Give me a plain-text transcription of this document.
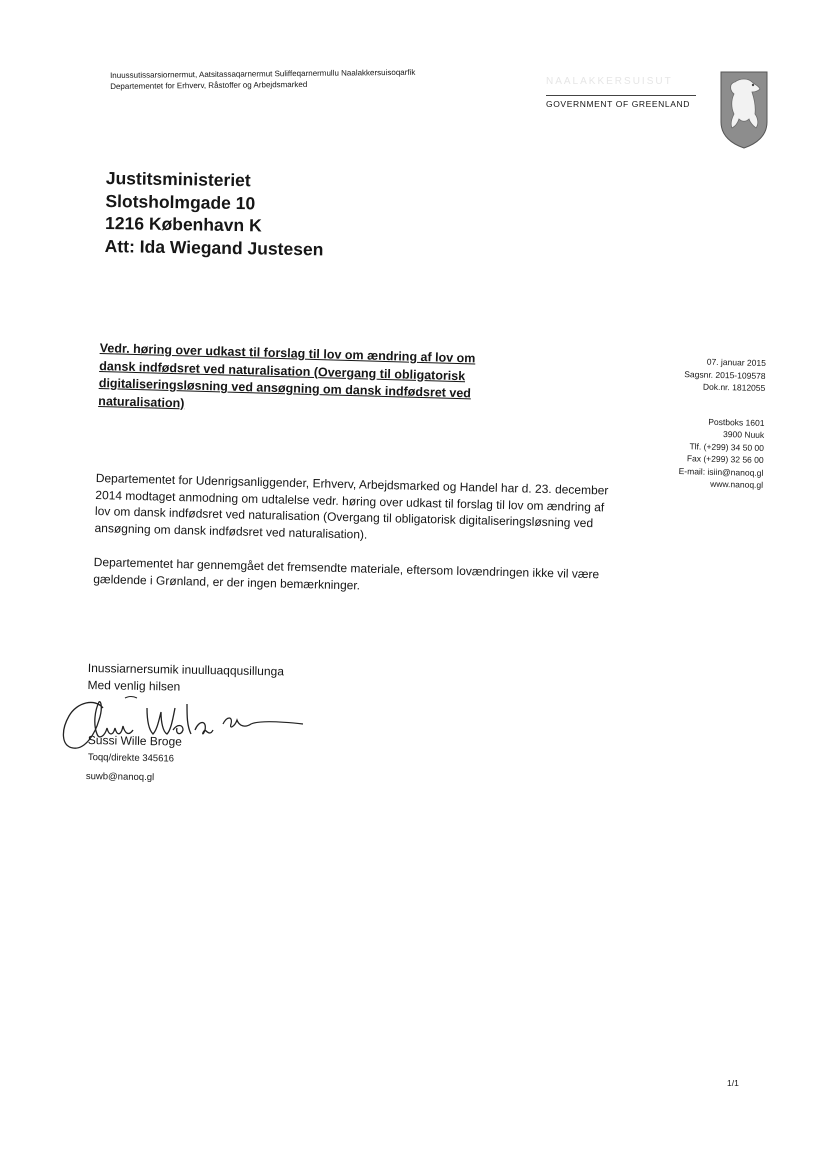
Inuussutissarsiornermut, Aatsitassaqarnermut Suliffeqarnermullu Naalakkersuisoqarfik
Departementet for Erhverv, Råstoffer og Arbejdsmarked	NAALAKKERSUISUT
GOVERNMENT OF GREENLAND
Justitsministeriet
Slotsholmgade 10
1216 København K
Att: Ida Wiegand Justesen
Vedr. høring over udkast til forslag til lov om ændring af lov om dansk indfødsret ved naturalisation (Overgang til obligatorisk digitaliseringsløsning ved ansøgning om dansk indfødsret ved naturalisation)
07. januar 2015
Sagsnr. 2015-109578
Dok.nr. 1812055
Postboks 1601
3900 Nuuk
Tlf. (+299) 34 50 00
Fax (+299) 32 56 00
E-mail: isiin@nanoq.gl
www.nanoq.gl

Departementet for Udenrigsanliggender, Erhverv, Arbejdsmarked og Handel har d. 23. december 2014 modtaget anmodning om udtalelse vedr. høring over udkast til forslag til lov om ændring af lov om dansk indfødsret ved naturalisation (Overgang til obligatorisk digitaliseringsløsning ved ansøgning om dansk indfødsret ved naturalisation).

Departementet har gennemgået det fremsendte materiale, eftersom lovændringen ikke vil være gældende i Grønland, er der ingen bemærkninger.

Inussiarnersumik inuulluaqqusillunga
Med venlig hilsen
Sussi Wille Broge
Toqq/direkte 345616
suwb@nanoq.gl
1/1
